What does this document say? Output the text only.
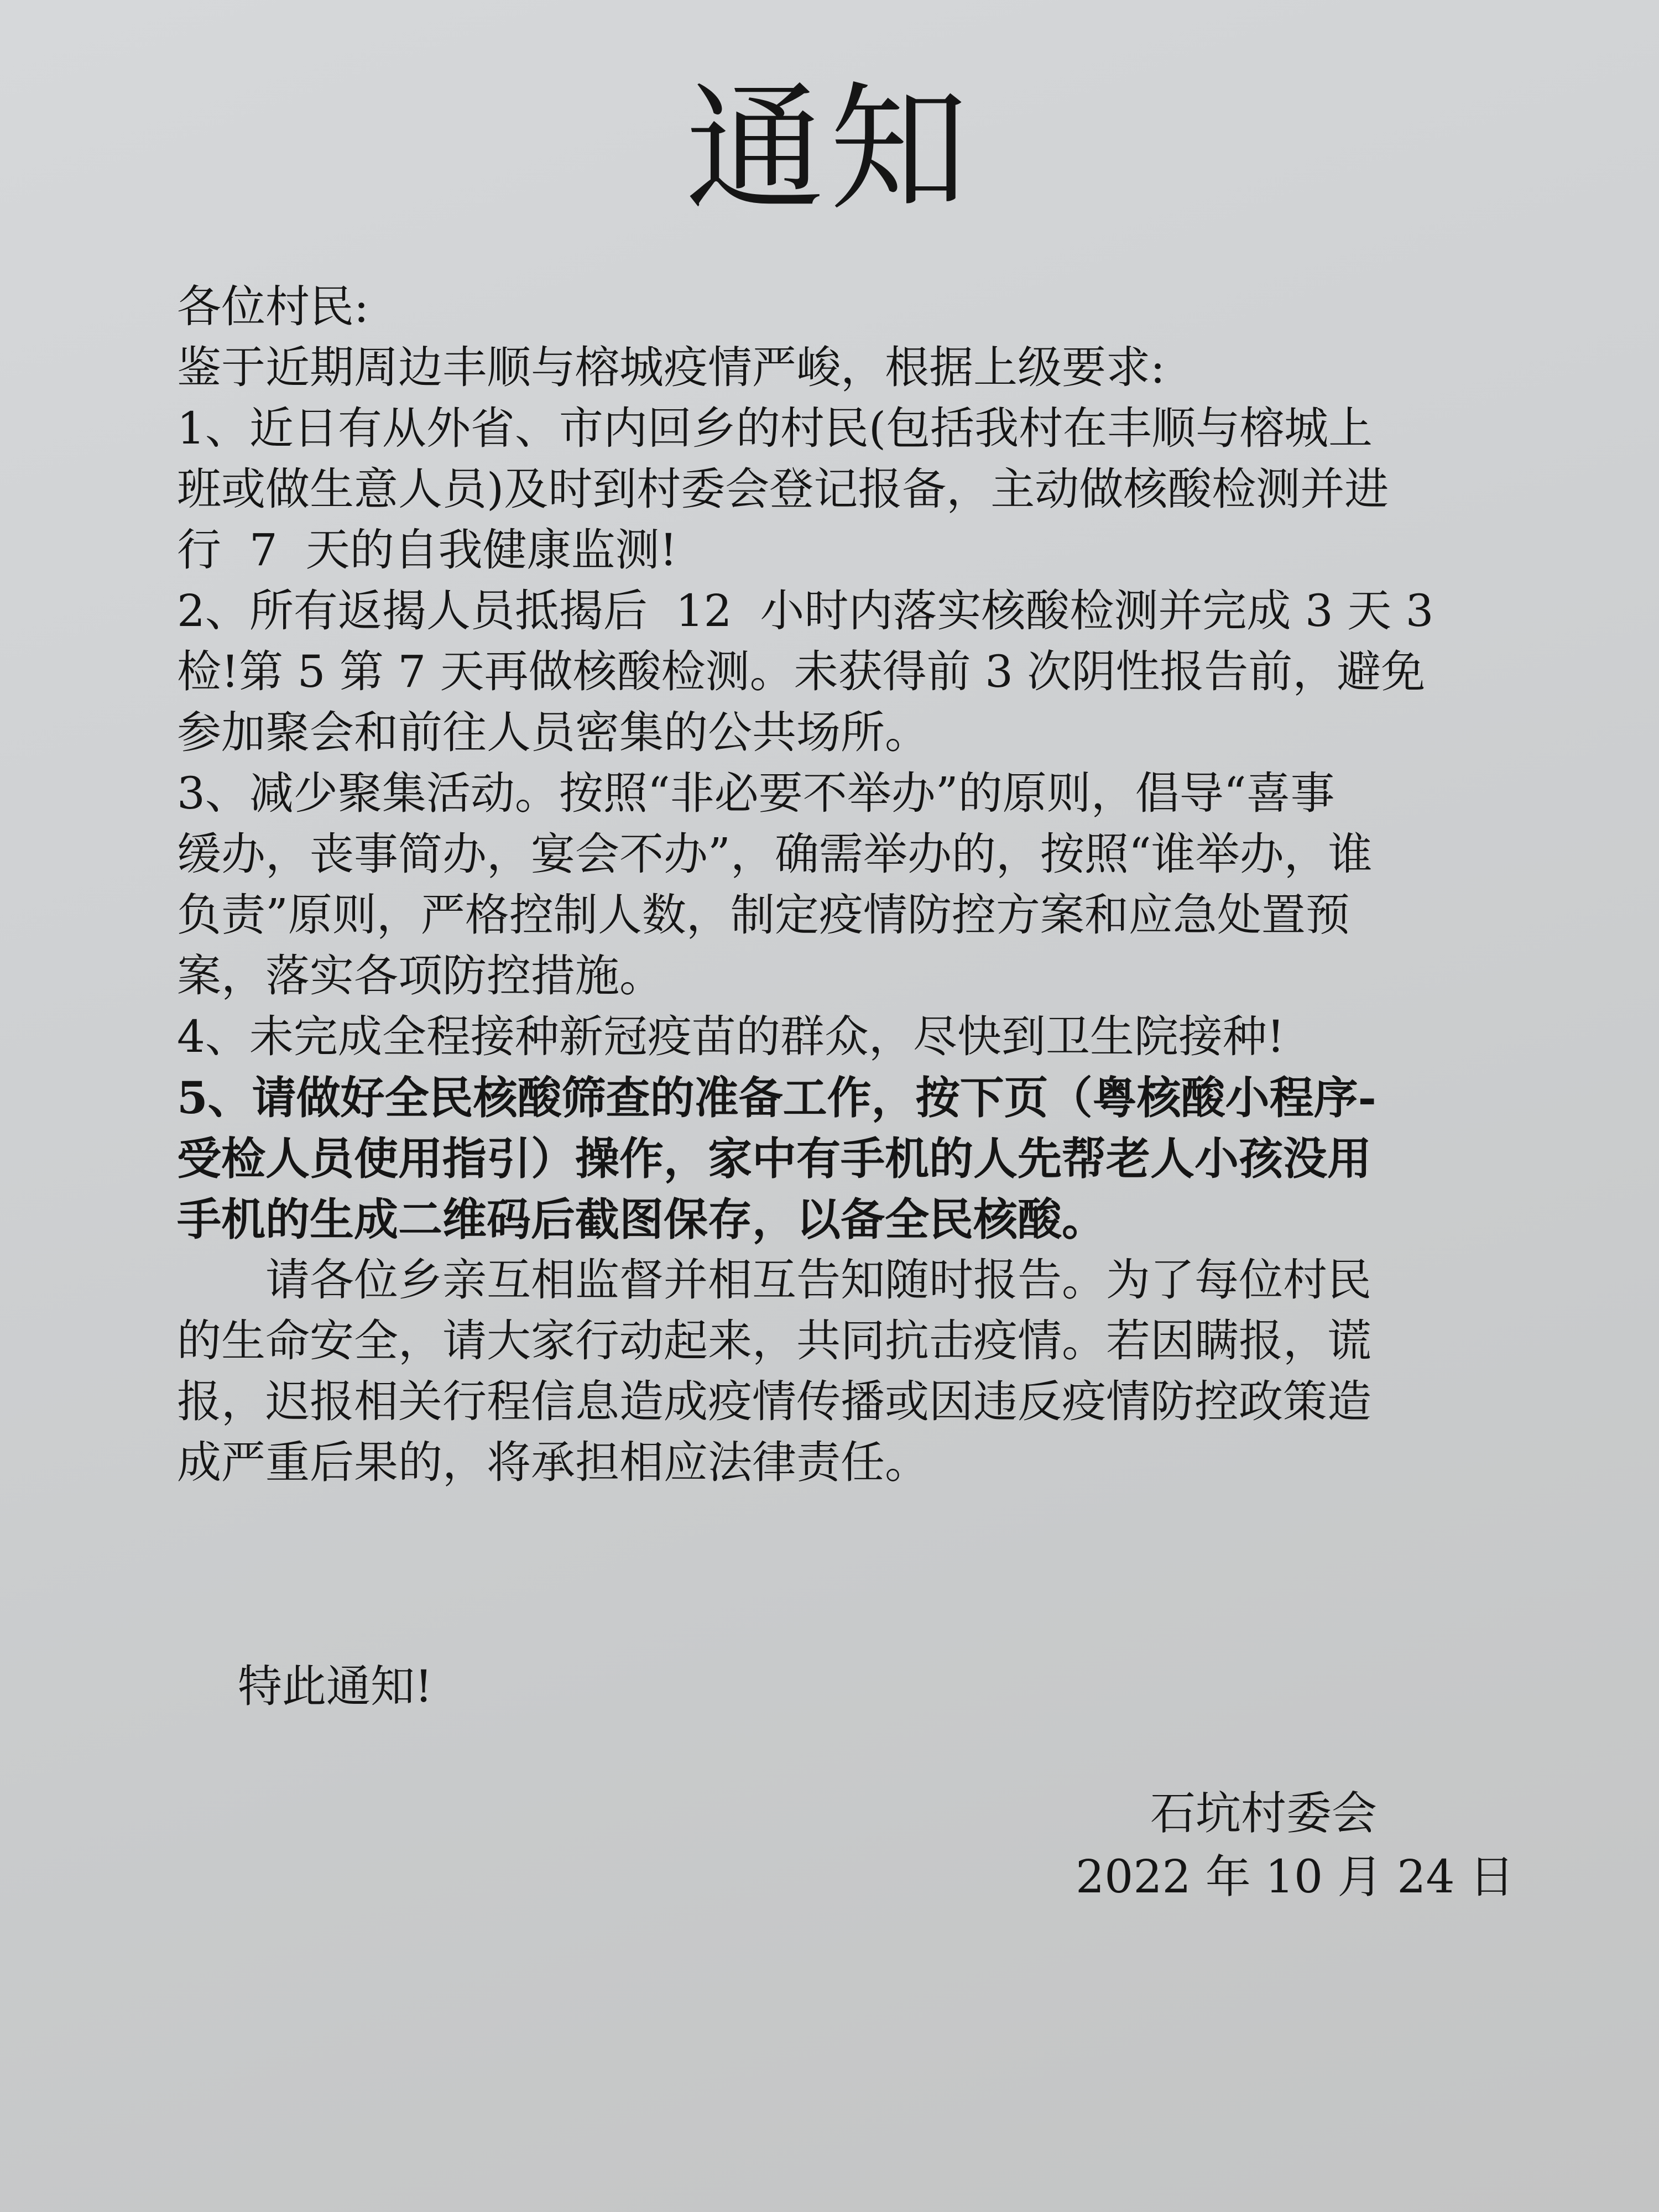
通知

各位村民:

鉴于近期周边丰顺与榕城疫情严峻，根据上级要求:

1、近日有从外省、市内回乡的村民(包括我村在丰顺与榕城上

班或做生意人员)及时到村委会登记报备，主动做核酸检测并进

行  7  天的自我健康监测!

2、所有返揭人员抵揭后  12  小时内落实核酸检测并完成 3 天 3

检!第 5 第 7 天再做核酸检测。未获得前 3 次阴性报告前，避免

参加聚会和前往人员密集的公共场所。

3、减少聚集活动。按照“非必要不举办”的原则，倡导“喜事

缓办，丧事简办，宴会不办”，确需举办的，按照“谁举办，谁

负责”原则，严格控制人数，制定疫情防控方案和应急处置预

案，落实各项防控措施。

4、未完成全程接种新冠疫苗的群众，尽快到卫生院接种!

5、请做好全民核酸筛查的准备工作，按下页（粤核酸小程序-

受检人员使用指引）操作，家中有手机的人先帮老人小孩没用

手机的生成二维码后截图保存，以备全民核酸。

请各位乡亲互相监督并相互告知随时报告。为了每位村民

的生命安全，请大家行动起来，共同抗击疫情。若因瞒报，谎

报，迟报相关行程信息造成疫情传播或因违反疫情防控政策造

成严重后果的，将承担相应法律责任。

特此通知!

石坑村委会

2022 年 10 月 24 日
